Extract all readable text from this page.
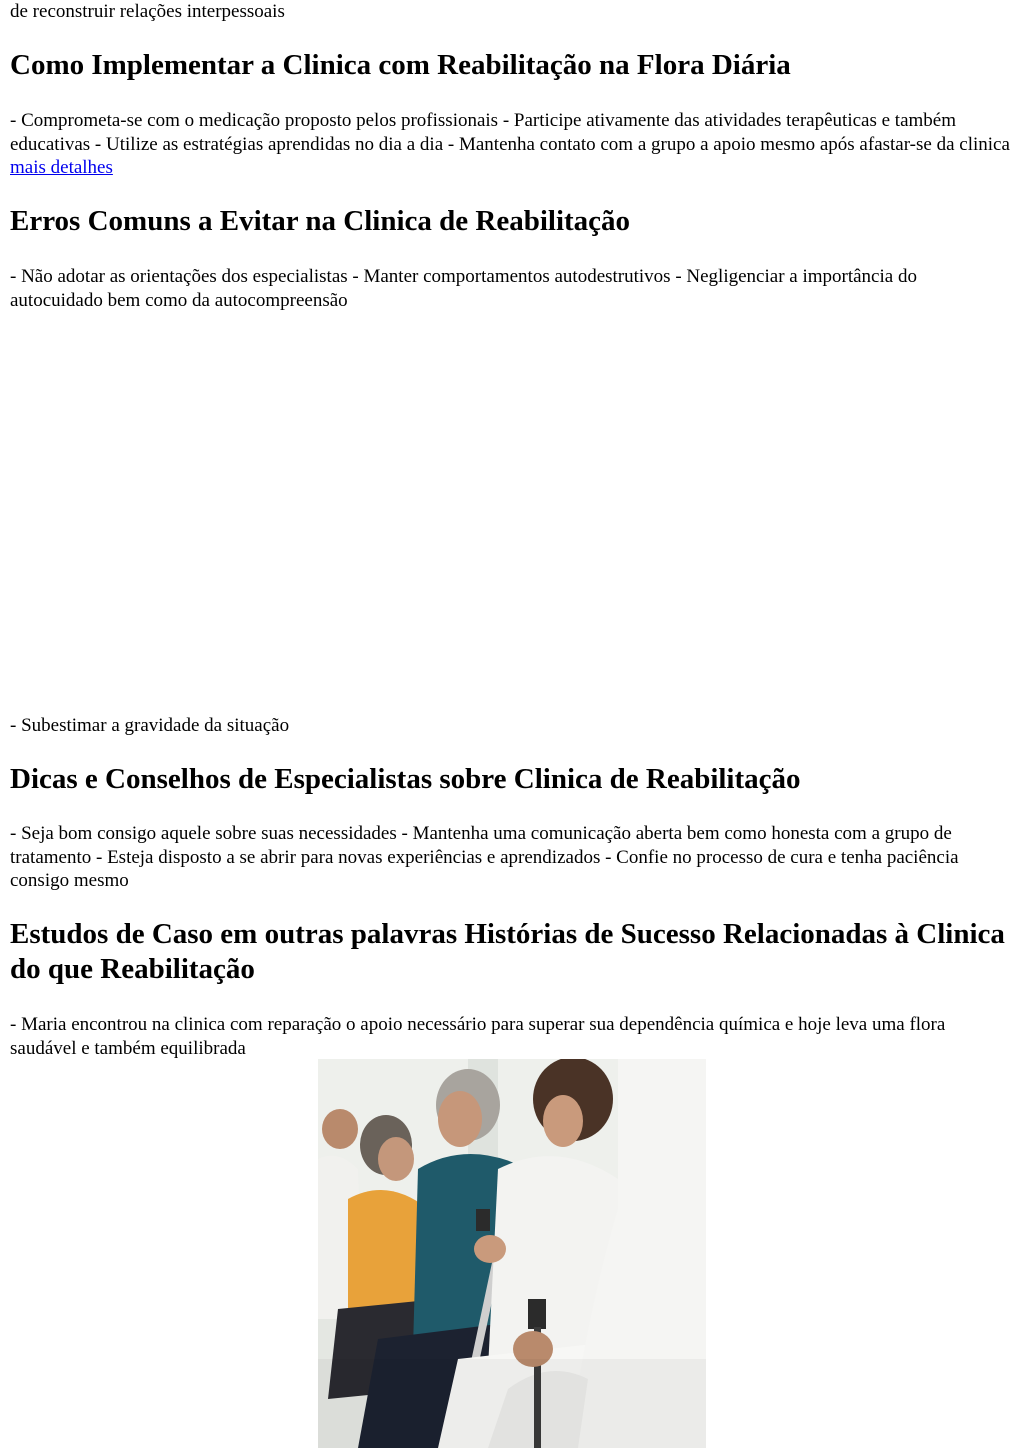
de reconstruir relações interpessoais

Como Implementar a Clinica com Reabilitação na Flora Diária

- Comprometa-se com o medicação proposto pelos profissionais - Participe ativamente das atividades terapêuticas e também educativas - Utilize as estratégias aprendidas no dia a dia - Mantenha contato com a grupo a apoio mesmo após afastar-se da clinica mais detalhes

Erros Comuns a Evitar na Clinica de Reabilitação

- Não adotar as orientações dos especialistas - Manter comportamentos autodestrutivos - Negligenciar a importância do autocuidado bem como da autocompreensão

- Subestimar a gravidade da situação

Dicas e Conselhos de Especialistas sobre Clinica de Reabilitação

- Seja bom consigo aquele sobre suas necessidades - Mantenha uma comunicação aberta bem como honesta com a grupo de tratamento - Esteja disposto a se abrir para novas experiências e aprendizados - Confie no processo de cura e tenha paciência consigo mesmo

Estudos de Caso em outras palavras Histórias de Sucesso Relacionadas à Clinica do que Reabilitação

- Maria encontrou na clinica com reparação o apoio necessário para superar sua dependência química e hoje leva uma flora saudável e também equilibrada
